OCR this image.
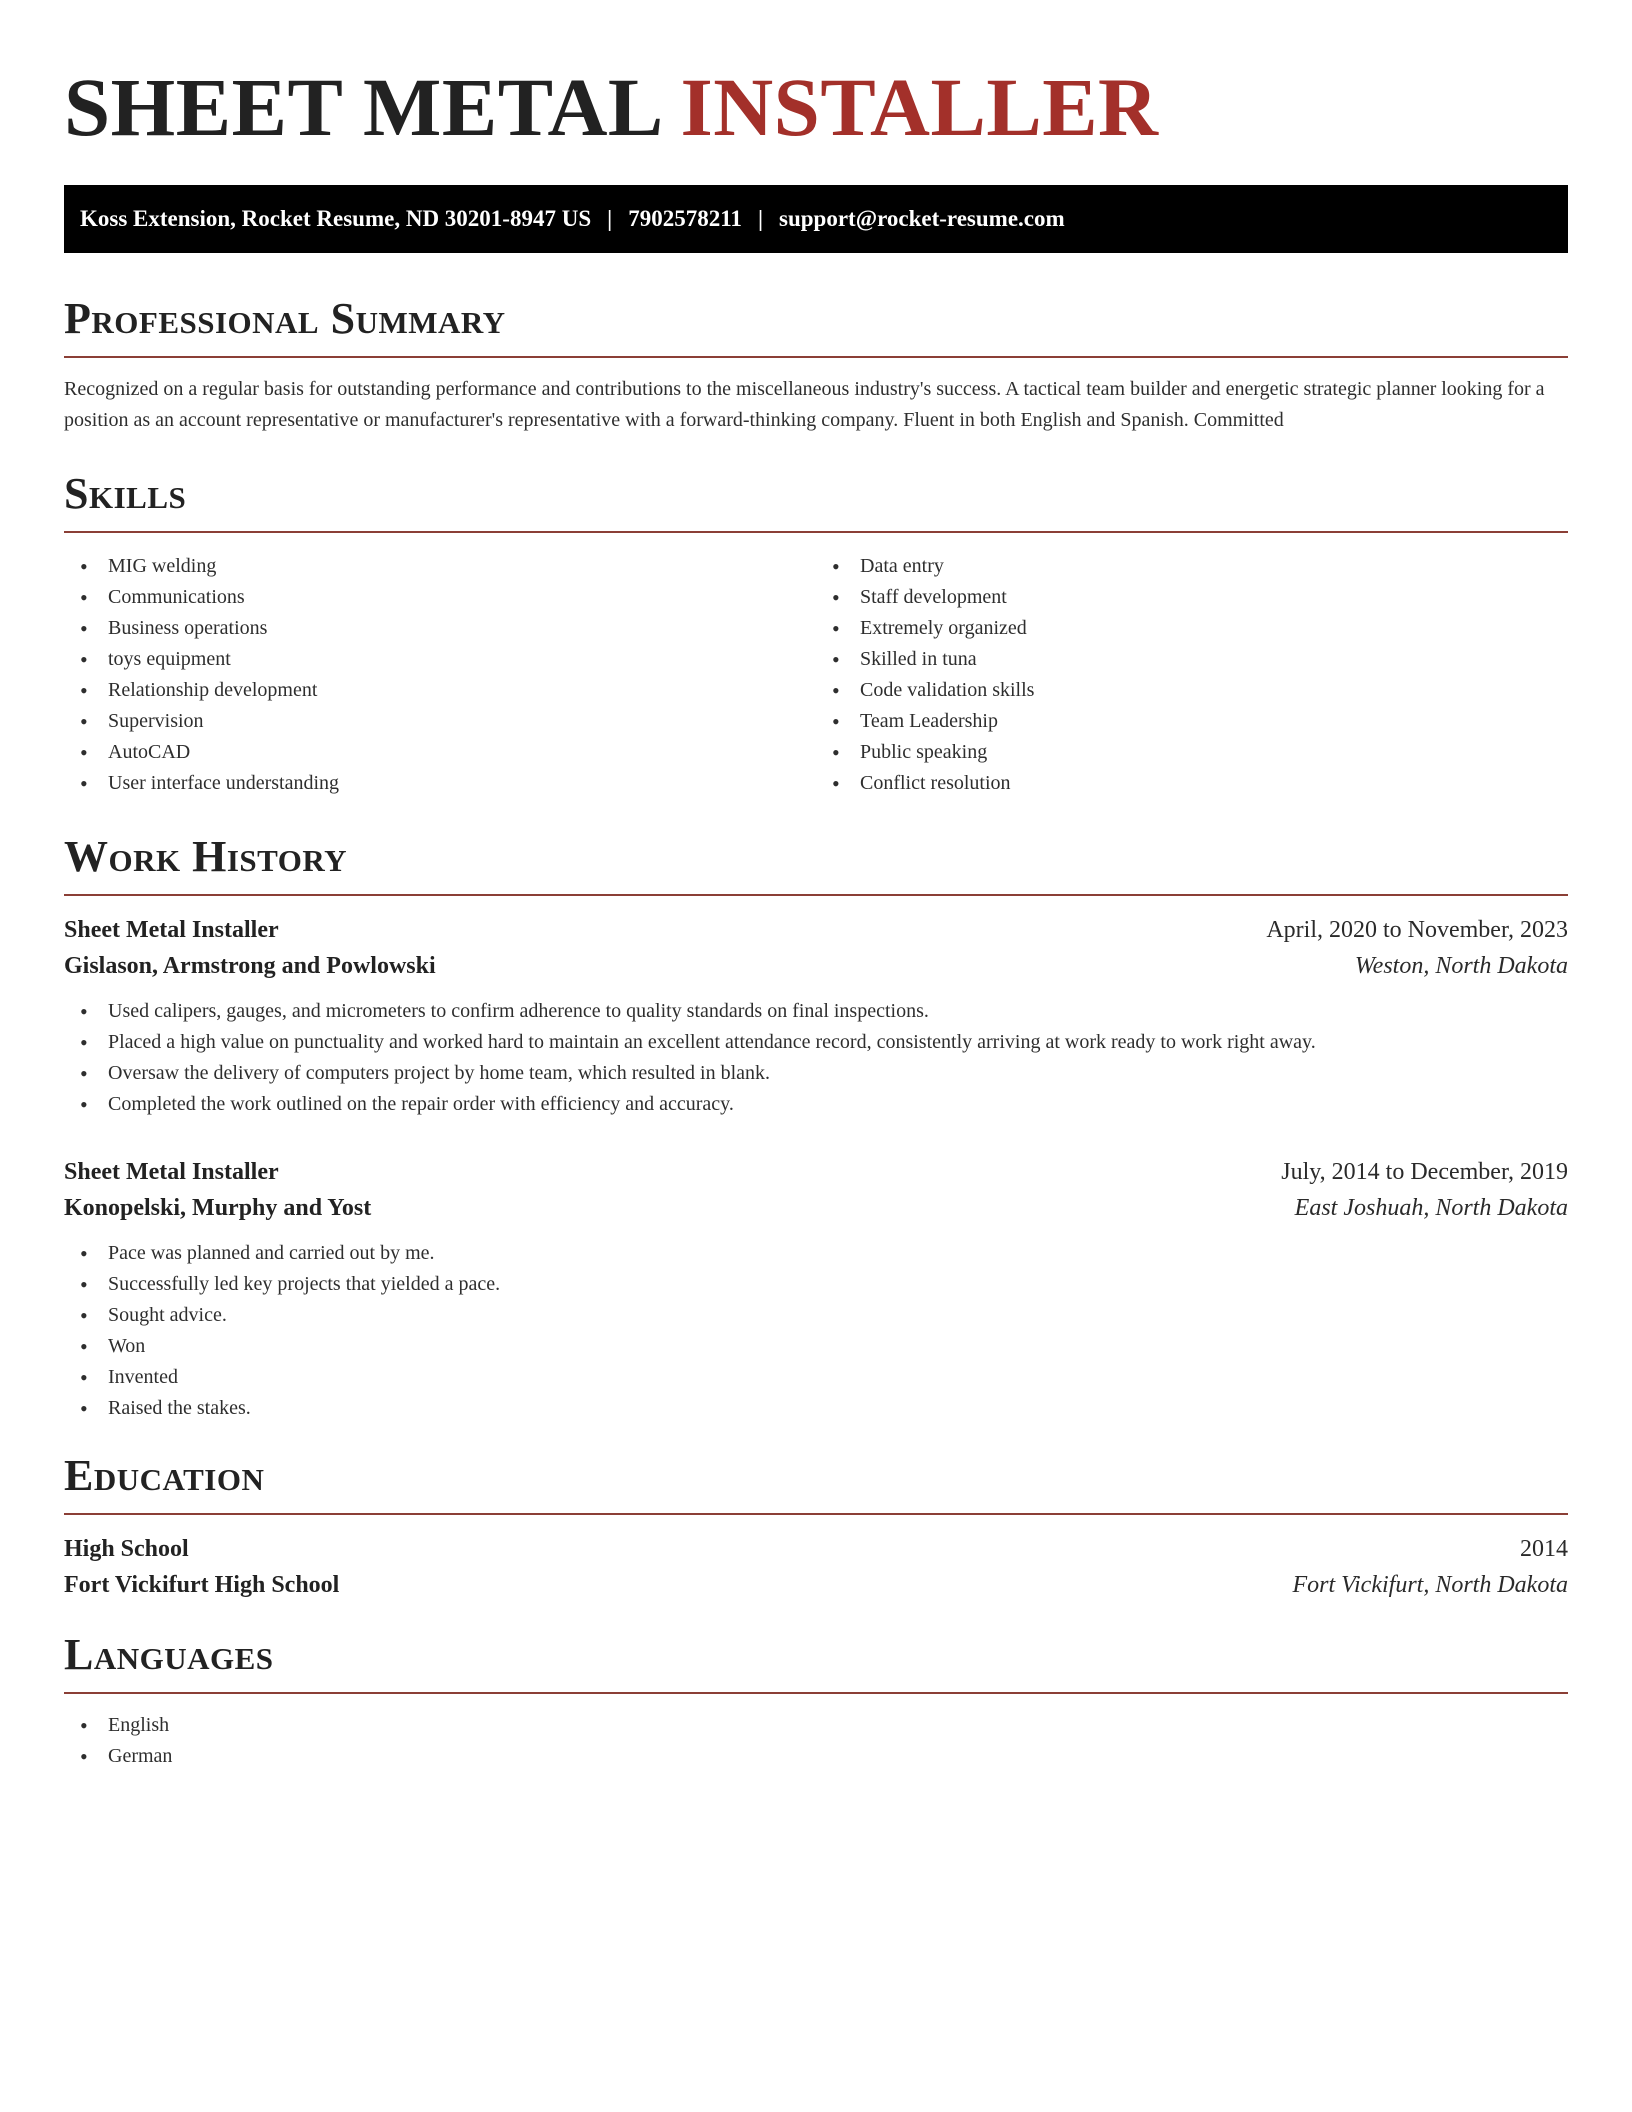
SHEET METAL INSTALLER
Koss Extension, Rocket Resume, ND 30201-8947 US | 7902578211 | support@rocket-resume.com
Professional Summary

Recognized on a regular basis for outstanding performance and contributions to the miscellaneous industry's success. A tactical team builder and energetic strategic planner looking for a position as an account representative or manufacturer's representative with a forward-thinking company. Fluent in both English and Spanish. Committed

Skills
• MIG welding
• Communications
• Business operations
• toys equipment
• Relationship development
• Supervision
• AutoCAD
• User interface understanding
• Data entry
• Staff development
• Extremely organized
• Skilled in tuna
• Code validation skills
• Team Leadership
• Public speaking
• Conflict resolution
Work History
Sheet Metal Installer	April, 2020 to November, 2023
Gislason, Armstrong and Powlowski	Weston, North Dakota
• Used calipers, gauges, and micrometers to confirm adherence to quality standards on final inspections.
• Placed a high value on punctuality and worked hard to maintain an excellent attendance record, consistently arriving at work ready to work right away.
• Oversaw the delivery of computers project by home team, which resulted in blank.
• Completed the work outlined on the repair order with efficiency and accuracy.
Sheet Metal Installer	July, 2014 to December, 2019
Konopelski, Murphy and Yost	East Joshuah, North Dakota
• Pace was planned and carried out by me.
• Successfully led key projects that yielded a pace.
• Sought advice.
• Won
• Invented
• Raised the stakes.
Education
High School	2014
Fort Vickifurt High School	Fort Vickifurt, North Dakota
Languages
• English
• German
